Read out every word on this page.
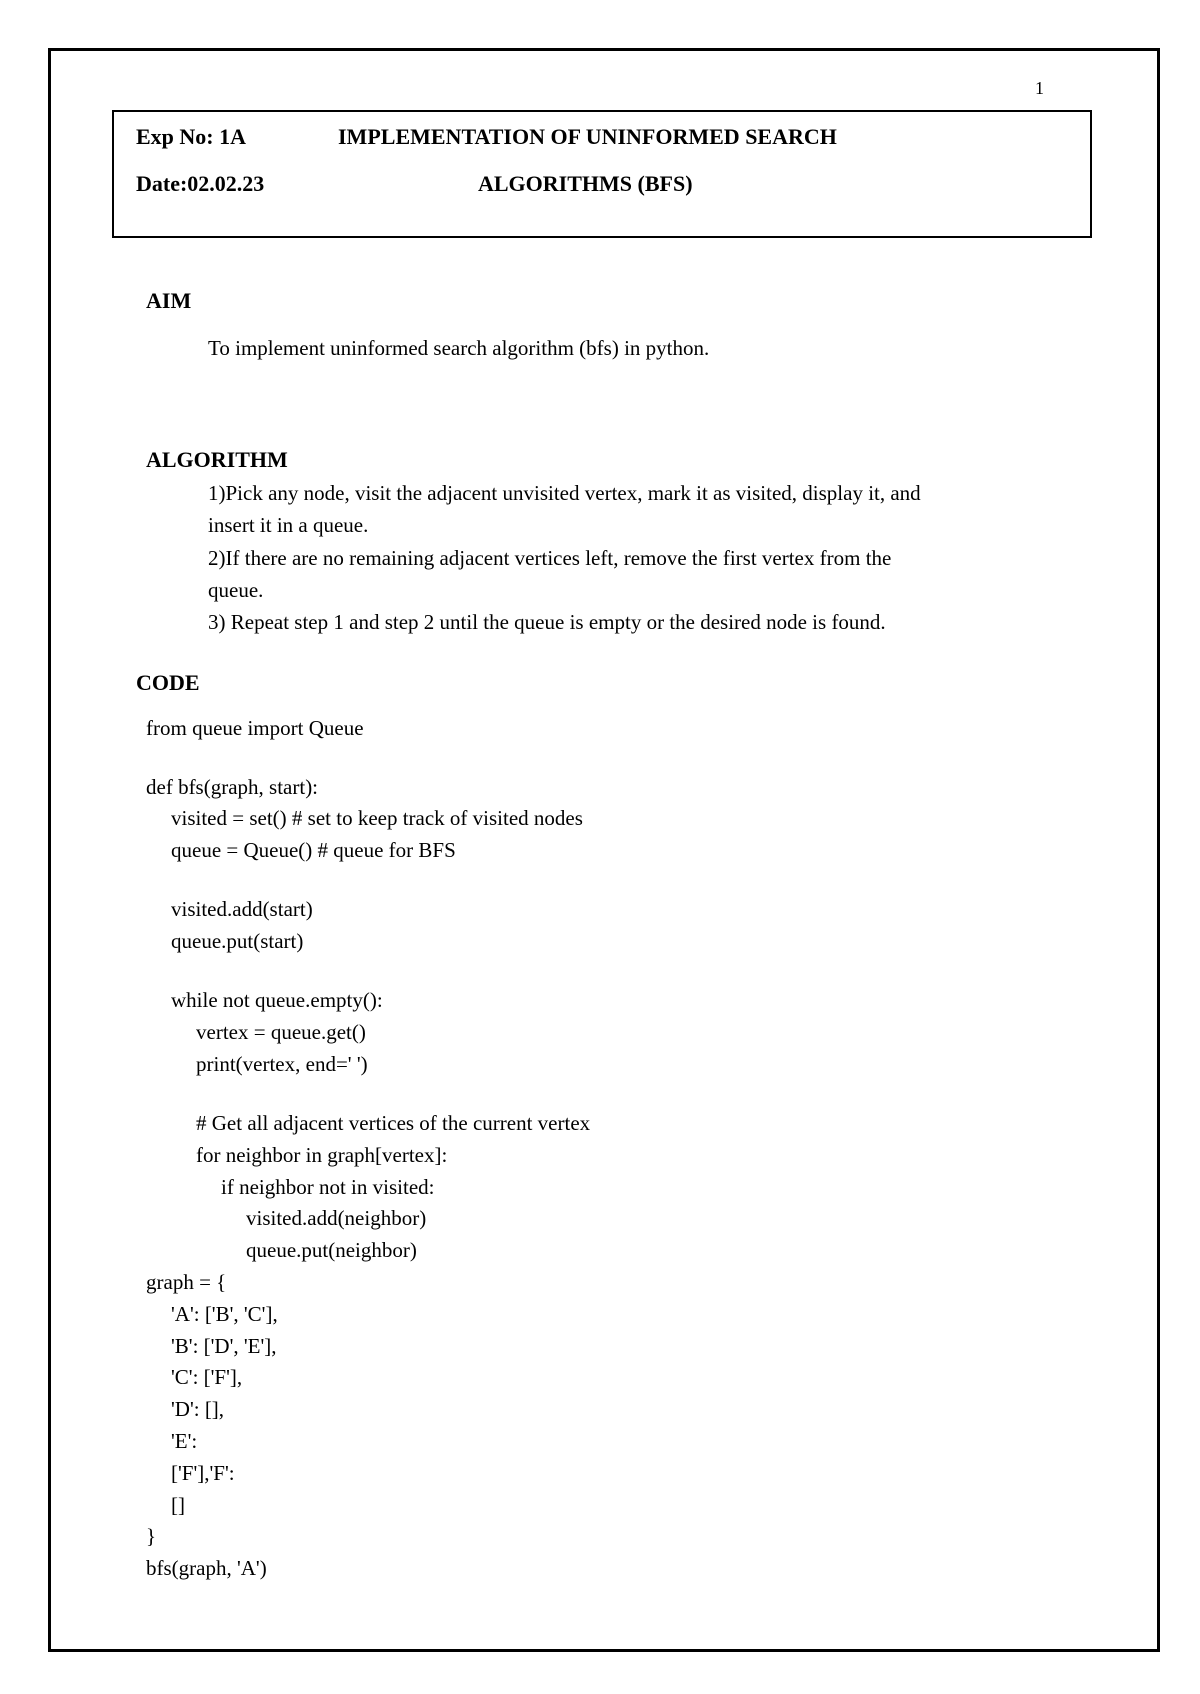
1
Exp No: 1A	IMPLEMENTATION OF UNINFORMED SEARCH
Date:02.02.23	ALGORITHMS (BFS)
AIM
To implement uninformed search algorithm (bfs) in python.
ALGORITHM
1)Pick any node, visit the adjacent unvisited vertex, mark it as visited, display it, and
insert it in a queue.
2)If there are no remaining adjacent vertices left, remove the first vertex from the
queue.
3) Repeat step 1 and step 2 until the queue is empty or the desired node is found.
CODE
from queue import Queue
def bfs(graph, start):
visited = set() # set to keep track of visited nodes
queue = Queue() # queue for BFS
visited.add(start)
queue.put(start)
while not queue.empty():
vertex = queue.get()
print(vertex, end=' ')
# Get all adjacent vertices of the current vertex
for neighbor in graph[vertex]:
if neighbor not in visited:
visited.add(neighbor)
queue.put(neighbor)
graph = {
'A': ['B', 'C'],
'B': ['D', 'E'],
'C': ['F'],
'D': [],
'E':
['F'],'F':
[]
}
bfs(graph, 'A')
